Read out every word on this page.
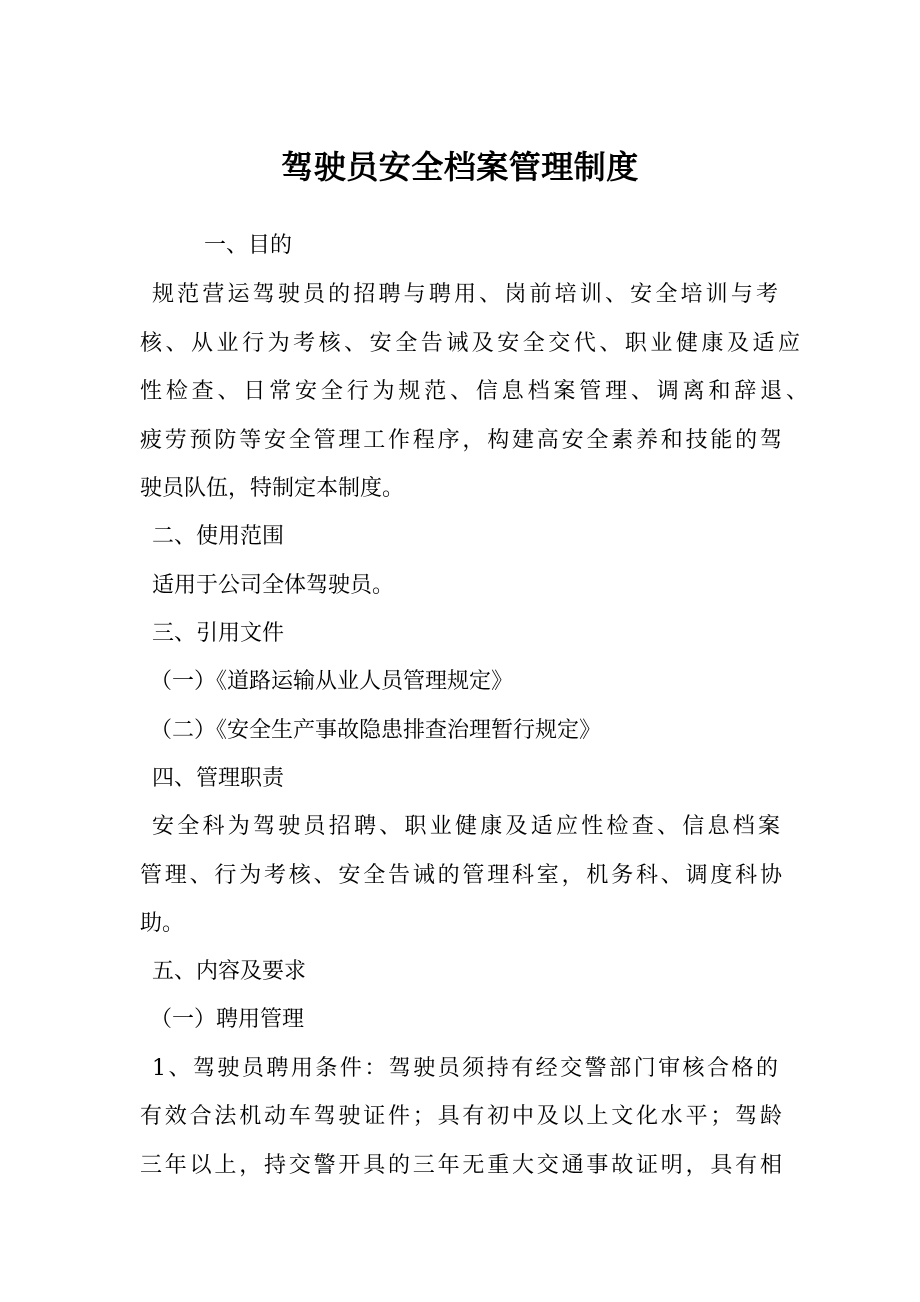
驾驶员安全档案管理制度
一、目的
规范营运驾驶员的招聘与聘用、岗前培训、安全培训与考
核、从业行为考核、安全告诫及安全交代、职业健康及适应
性检查、日常安全行为规范、信息档案管理、调离和辞退、
疲劳预防等安全管理工作程序，构建高安全素养和技能的驾
驶员队伍，特制定本制度。
二、使用范围
适用于公司全体驾驶员。
三、引用文件
（一）《道路运输从业人员管理规定》
（二）《安全生产事故隐患排查治理暂行规定》
四、管理职责
安全科为驾驶员招聘、职业健康及适应性检查、信息档案
管理、行为考核、安全告诫的管理科室，机务科、调度科协
助。
五、内容及要求
（一）聘用管理
1、驾驶员聘用条件：驾驶员须持有经交警部门审核合格的
有效合法机动车驾驶证件；具有初中及以上文化水平；驾龄
三年以上，持交警开具的三年无重大交通事故证明，具有相
